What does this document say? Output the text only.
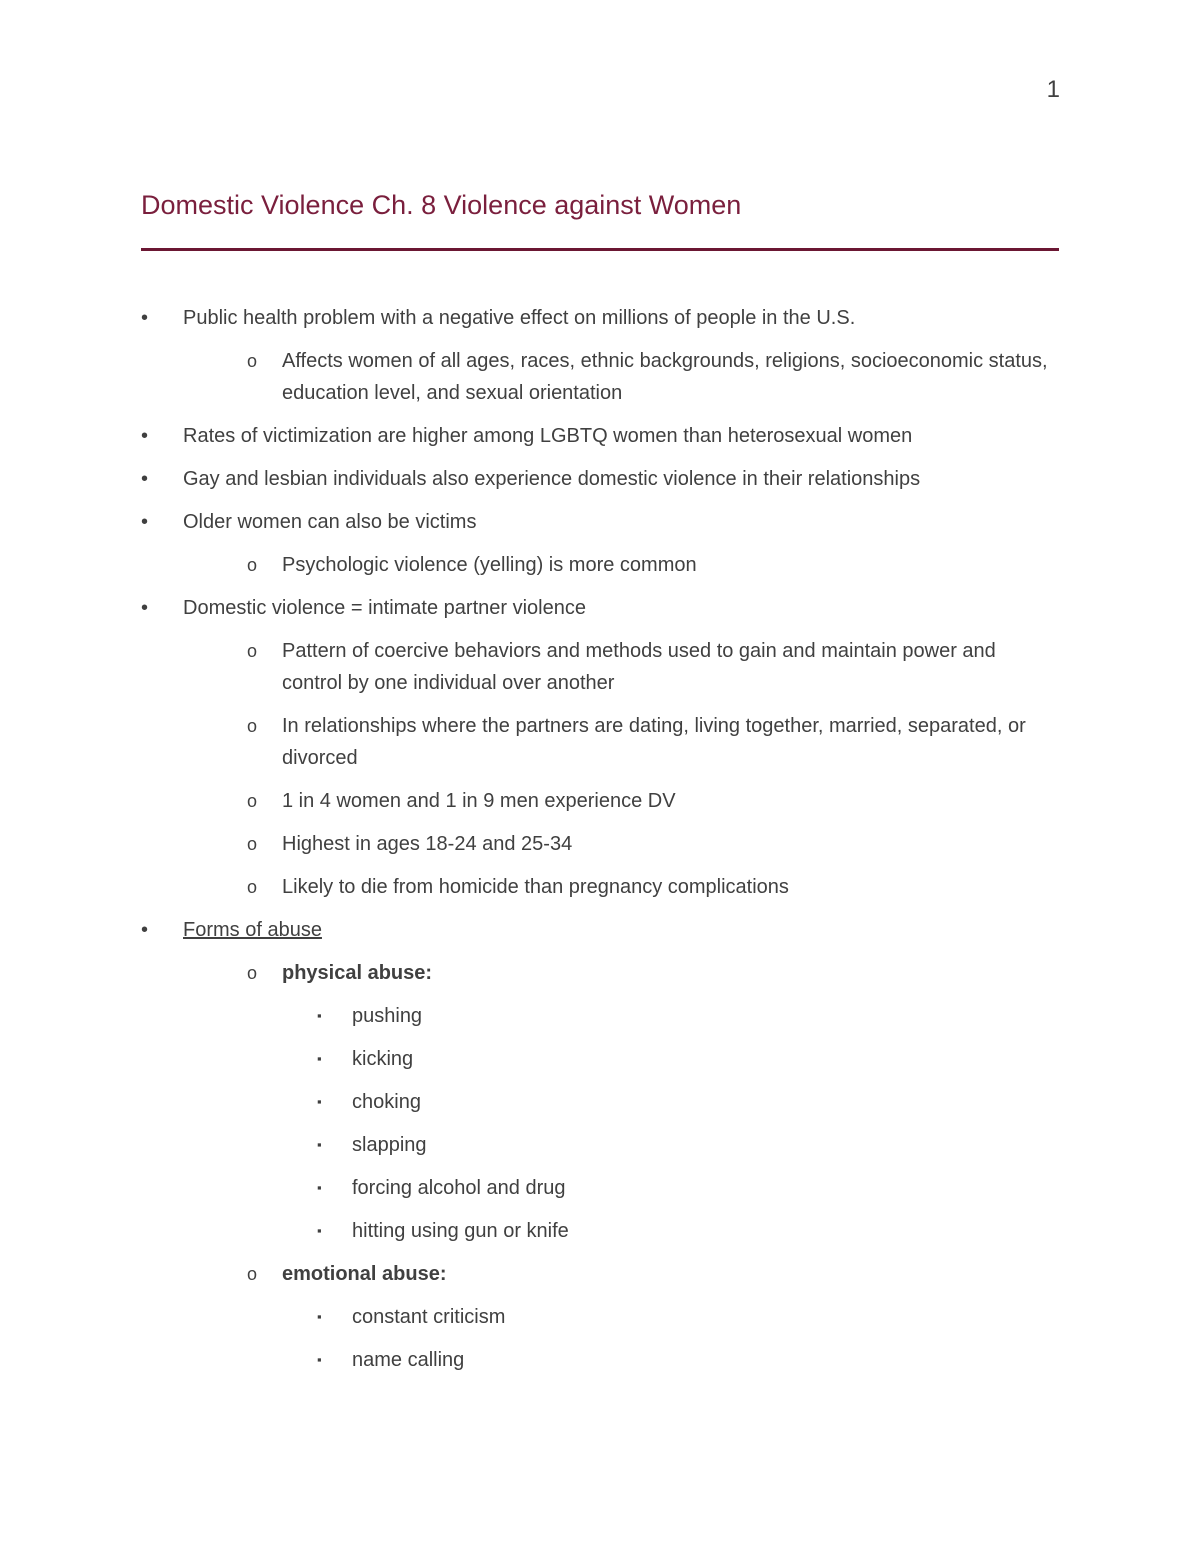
1
Domestic Violence Ch. 8 Violence against Women
• Public health problem with a negative effect on millions of people in the U.S.
o Affects women of all ages, races, ethnic backgrounds, religions, socioeconomic status, education level, and sexual orientation
• Rates of victimization are higher among LGBTQ women than heterosexual women
• Gay and lesbian individuals also experience domestic violence in their relationships
• Older women can also be victims
o Psychologic violence (yelling) is more common
• Domestic violence = intimate partner violence
o Pattern of coercive behaviors and methods used to gain and maintain power and control by one individual over another
o In relationships where the partners are dating, living together, married, separated, or divorced
o 1 in 4 women and 1 in 9 men experience DV
o Highest in ages 18-24 and 25-34
o Likely to die from homicide than pregnancy complications
• Forms of abuse
o physical abuse:
▪ pushing
▪ kicking
▪ choking
▪ slapping
▪ forcing alcohol and drug
▪ hitting using gun or knife
o emotional abuse:
▪ constant criticism
▪ name calling
